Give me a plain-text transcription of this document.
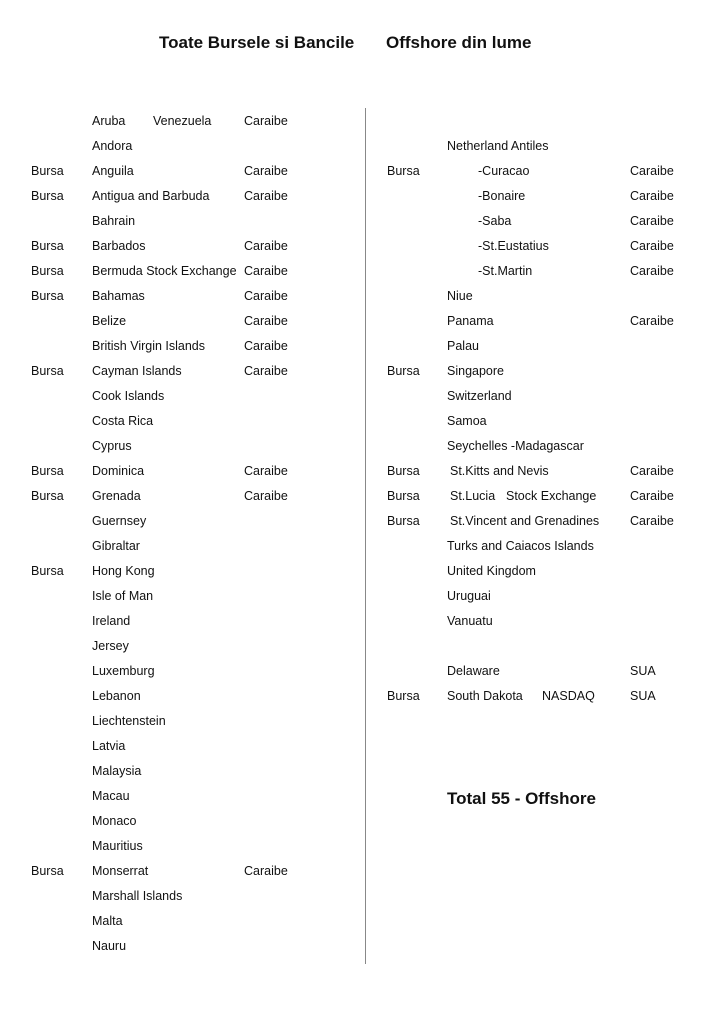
Toate Bursele si Bancile Offshore din lume
Aruba Venezuela	Caraibe
Andora
Bursa Anguila	Caraibe
Bursa Antigua and Barbuda	Caraibe
Bahrain
Bursa Barbados	Caraibe
Bursa Bermuda Stock Exchange Caraibe
Bursa Bahamas	Caraibe
Belize	Caraibe
British Virgin Islands	Caraibe
Bursa Cayman Islands	Caraibe
Cook Islands
Costa Rica
Cyprus
Bursa Dominica	Caraibe
Bursa Grenada	Caraibe
Guernsey
Gibraltar
Bursa Hong Kong
Isle of Man
Ireland
Jersey
Luxemburg
Lebanon
Liechtenstein
Latvia
Malaysia
Macau
Monaco
Mauritius
Bursa Monserrat	Caraibe
Marshall Islands
Malta
Nauru
Netherland Antiles
Bursa	-Curacao	Caraibe
-Bonaire	Caraibe
-Saba	Caraibe
-St.Eustatius	Caraibe
-St.Martin	Caraibe
Niue
Panama	Caraibe
Palau
Bursa Singapore
Switzerland
Samoa
Seychelles -Madagascar
Bursa St.Kitts and Nevis	Caraibe
Bursa St.Lucia Stock Exchange	Caraibe
Bursa St.Vincent and Grenadines Caraibe
Turks and Caiacos Islands
United Kingdom
Uruguai
Vanuatu
Delaware	SUA
Bursa South Dakota NASDAQ	SUA
Total 55 - Offshore
